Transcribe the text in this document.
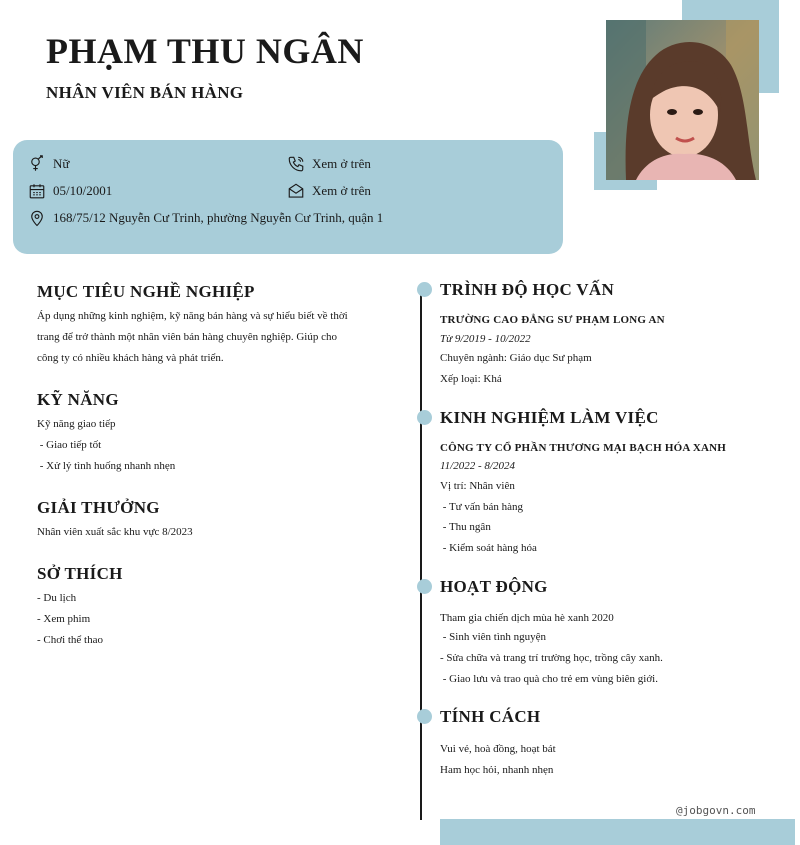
PHẠM THU NGÂN
NHÂN VIÊN BÁN HÀNG
Nữ
05/10/2001
168/75/12 Nguyễn Cư Trinh, phường Nguyễn Cư Trinh, quận 1
Xem ở trên
Xem ở trên
MỤC TIÊU NGHỀ NGHIỆP
Áp dụng những kinh nghiệm, kỹ năng bán hàng và sự hiểu biết về thời
trang để trở thành một nhân viên bán hàng chuyên nghiệp. Giúp cho
công ty có nhiều khách hàng và phát triển.
KỸ NĂNG
Kỹ năng giao tiếp
- Giao tiếp tốt
- Xử lý tình huống nhanh nhẹn
GIẢI THƯỞNG
Nhân viên xuất sắc khu vực 8/2023
SỞ THÍCH
- Du lịch
- Xem phim
- Chơi thể thao
TRÌNH ĐỘ HỌC VẤN
TRƯỜNG CAO ĐẲNG SƯ PHẠM LONG AN
Từ 9/2019 - 10/2022
Chuyên ngành: Giáo dục Sư phạm
Xếp loại: Khá
KINH NGHIỆM LÀM VIỆC
CÔNG TY CỔ PHẦN THƯƠNG MẠI BẠCH HÓA XANH
11/2022 - 8/2024
Vị trí: Nhân viên
- Tư vấn bán hàng
- Thu ngân
- Kiểm soát hàng hóa
HOẠT ĐỘNG
Tham gia chiến dịch mùa hè xanh 2020
- Sinh viên tình nguyện
- Sửa chữa và trang trí trường học, trồng cây xanh.
- Giao lưu và trao quà cho trẻ em vùng biên giới.
TÍNH CÁCH
Vui vẻ, hoà đồng, hoạt bát
Ham học hỏi, nhanh nhẹn
@jobgovn.com
